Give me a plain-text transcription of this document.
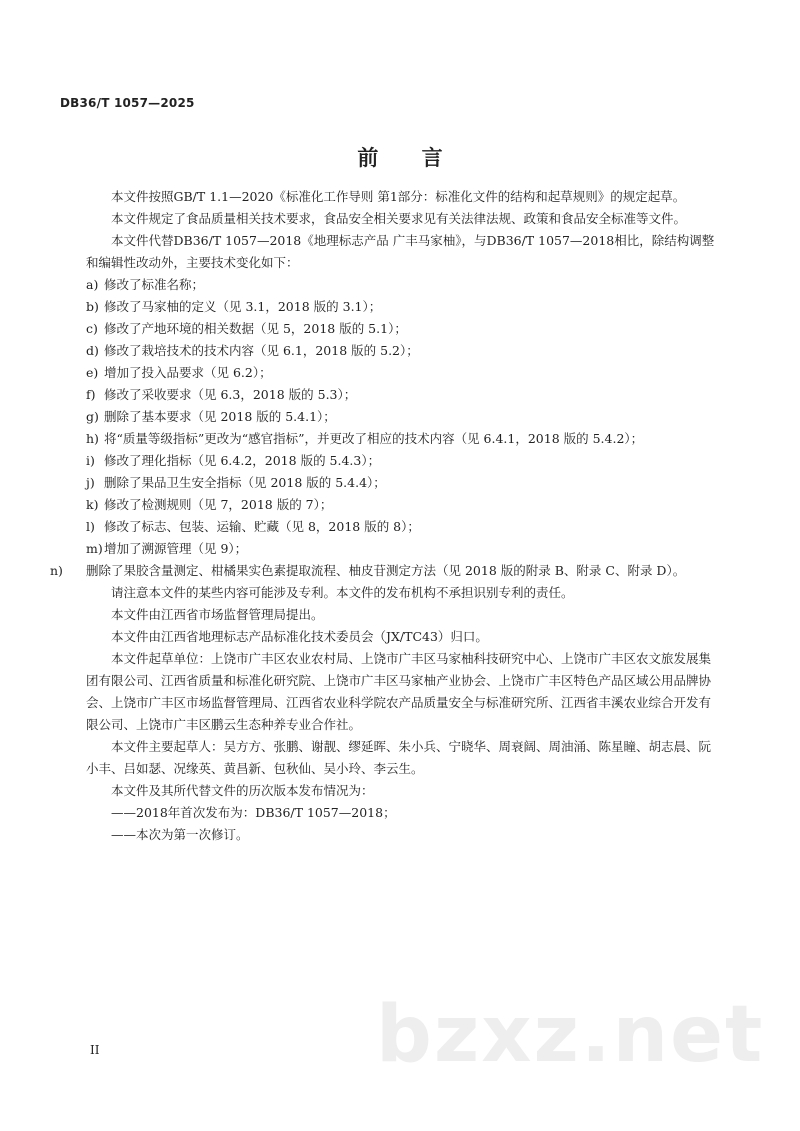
DB36/T 1057—2025
前 言

本文件按照GB/T 1.1—2020《标准化工作导则 第1部分：标准化文件的结构和起草规则》的规定起草。

本文件规定了食品质量相关技术要求，食品安全相关要求见有关法律法规、政策和食品安全标准等文件。

本文件代替DB36/T 1057—2018《地理标志产品 广丰马家柚》，与DB36/T 1057—2018相比，除结构调整和编辑性改动外，主要技术变化如下：

a) 修改了标准名称；

b) 修改了马家柚的定义（见 3.1，2018 版的 3.1）；

c) 修改了产地环境的相关数据（见 5，2018 版的 5.1）；

d) 修改了栽培技术的技术内容（见 6.1，2018 版的 5.2）；

e) 增加了投入品要求（见 6.2）；

f) 修改了采收要求（见 6.3，2018 版的 5.3）；

g) 删除了基本要求（见 2018 版的 5.4.1）；

h) 将“质量等级指标”更改为“感官指标”，并更改了相应的技术内容（见 6.4.1，2018 版的 5.4.2）；

i) 修改了理化指标（见 6.4.2，2018 版的 5.4.3）；

j) 删除了果品卫生安全指标（见 2018 版的 5.4.4）；

k) 修改了检测规则（见 7，2018 版的 7）；

l) 修改了标志、包装、运输、贮藏（见 8，2018 版的 8）；

m)增加了溯源管理（见 9）；

n) 删除了果胶含量测定、柑橘果实色素提取流程、柚皮苷测定方法（见 2018 版的附录 B、附录 C、附录 D）。

请注意本文件的某些内容可能涉及专利。本文件的发布机构不承担识别专利的责任。

本文件由江西省市场监督管理局提出。

本文件由江西省地理标志产品标准化技术委员会（JX/TC43）归口。

本文件起草单位：上饶市广丰区农业农村局、上饶市广丰区马家柚科技研究中心、上饶市广丰区农文旅发展集团有限公司、江西省质量和标准化研究院、上饶市广丰区马家柚产业协会、上饶市广丰区特色产品区域公用品牌协会、上饶市广丰区市场监督管理局、江西省农业科学院农产品质量安全与标准研究所、江西省丰溪农业综合开发有限公司、上饶市广丰区鹏云生态种养专业合作社。

本文件主要起草人：吴方方、张鹏、谢靓、缪延晖、朱小兵、宁晓华、周衰阔、周油涌、陈星瞳、胡志晨、阮小丰、吕如瑟、况缘英、黄昌新、包秋仙、吴小玲、李云生。

本文件及其所代替文件的历次版本发布情况为：

——2018年首次发布为：DB36/T 1057—2018；

——本次为第一次修订。

II	bzxz.net
